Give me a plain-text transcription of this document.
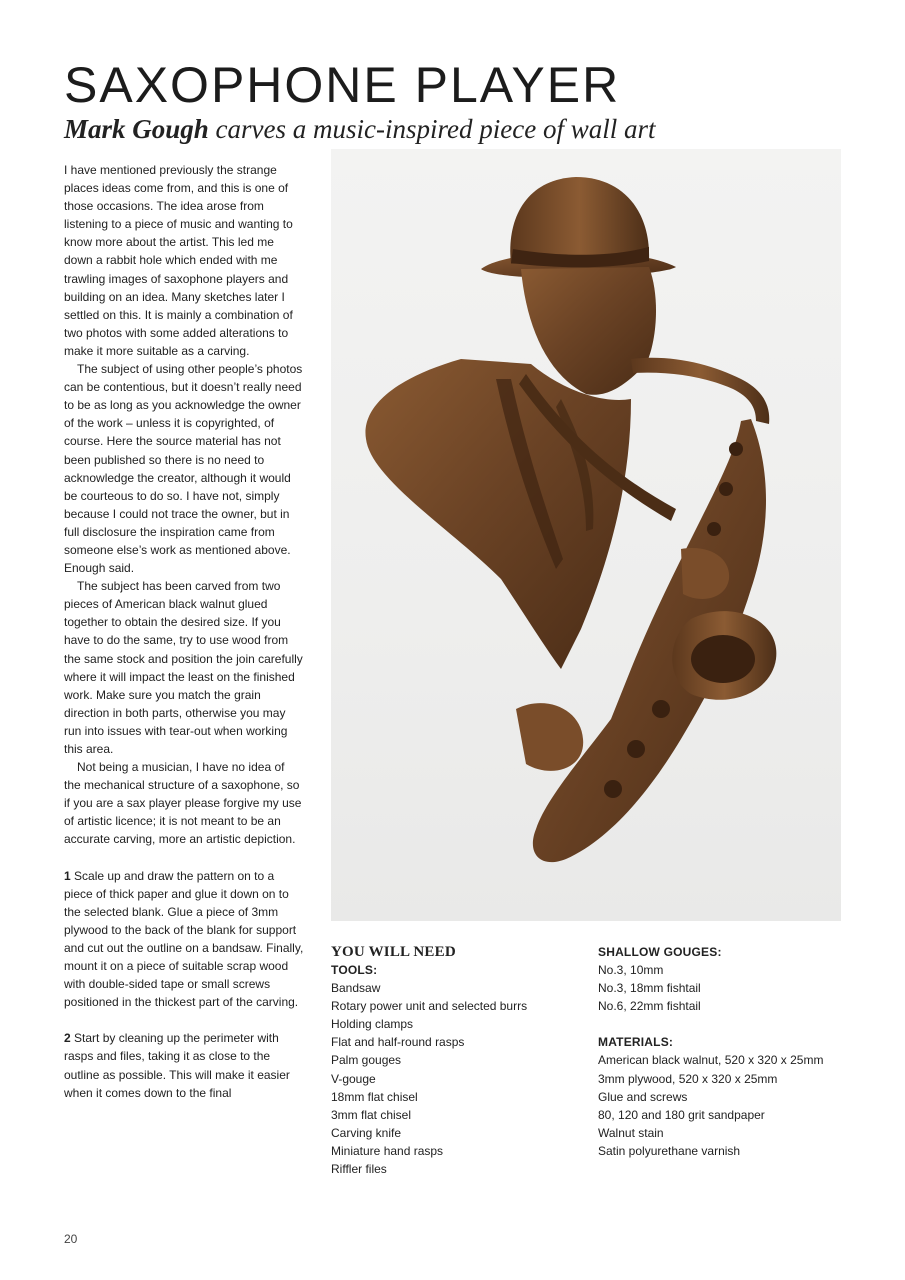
SAXOPHONE PLAYER
Mark Gough carves a music-inspired piece of wall art

I have mentioned previously the strange places ideas come from, and this is one of those occasions. The idea arose from listening to a piece of music and wanting to know more about the artist. This led me down a rabbit hole which ended with me trawling images of saxophone players and building on an idea. Many sketches later I settled on this. It is mainly a combination of two photos with some added alterations to make it more suitable as a carving.

The subject of using other people’s photos can be contentious, but it doesn’t really need to be as long as you acknowledge the owner of the work – unless it is copyrighted, of course. Here the source material has not been published so there is no need to acknowledge the creator, although it would be courteous to do so. I have not, simply because I could not trace the owner, but in full disclosure the inspiration came from someone else’s work as mentioned above. Enough said.

The subject has been carved from two pieces of American black walnut glued together to obtain the desired size. If you have to do the same, try to use wood from the same stock and position the join carefully where it will impact the least on the finished work. Make sure you match the grain direction in both parts, otherwise you may run into issues with tear-out when working this area.

Not being a musician, I have no idea of the mechanical structure of a saxophone, so if you are a sax player please forgive my use of artistic licence; it is not meant to be an accurate carving, more an artistic depiction.

1 Scale up and draw the pattern on to a piece of thick paper and glue it down on to the selected blank. Glue a piece of 3mm plywood to the back of the blank for support and cut out the outline on a bandsaw. Finally, mount it on a piece of suitable scrap wood with double-sided tape or small screws positioned in the thickest part of the carving.

2 Start by cleaning up the perimeter with rasps and files, taking it as close to the outline as possible. This will make it easier when it comes down to the final

YOU WILL NEED

TOOLS:

Bandsaw
Rotary power unit and selected burrs
Holding clamps
Flat and half-round rasps
Palm gouges
V-gouge
18mm flat chisel
3mm flat chisel
Carving knife
Miniature hand rasps
Riffler files

SHALLOW GOUGES:

No.3, 10mm
No.3, 18mm fishtail
No.6, 22mm fishtail

MATERIALS:

American black walnut, 520 x 320 x 25mm
3mm plywood, 520 x 320 x 25mm
Glue and screws
80, 120 and 180 grit sandpaper
Walnut stain
Satin polyurethane varnish
20
